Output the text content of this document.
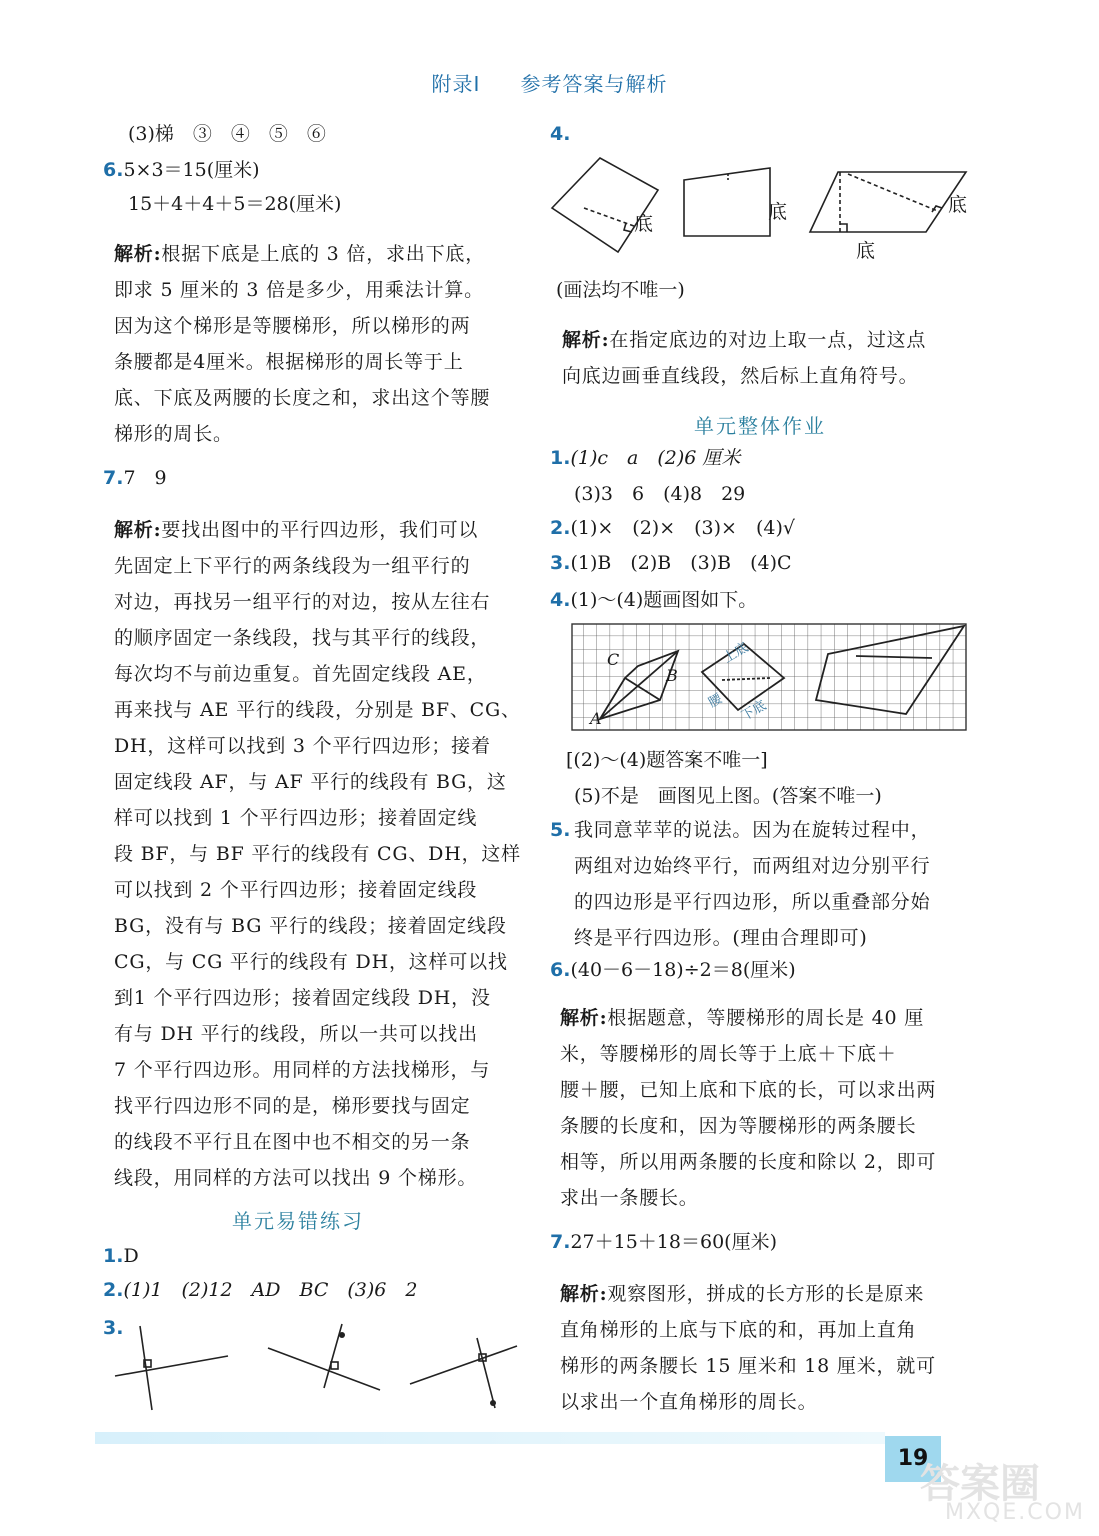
附录Ⅰ 参考答案与解析
(3)梯　③　④　⑤　⑥
6.5×3＝15(厘米)
15＋4＋4＋5＝28(厘米)

解析:根据下底是上底的 3 倍，求出下底，

即求 5 厘米的 3 倍是多少，用乘法计算。

因为这个梯形是等腰梯形，所以梯形的两

条腰都是4厘米。根据梯形的周长等于上

底、下底及两腰的长度之和，求出这个等腰

梯形的周长。

7.7　9

解析:要找出图中的平行四边形，我们可以

先固定上下平行的两条线段为一组平行的

对边，再找另一组平行的对边，按从左往右

的顺序固定一条线段，找与其平行的线段，

每次均不与前边重复。首先固定线段 AE，

再来找与 AE 平行的线段，分别是 BF、CG、

DH，这样可以找到 3 个平行四边形；接着

固定线段 AF，与 AF 平行的线段有 BG，这

样可以找到 1 个平行四边形；接着固定线

段 BF，与 BF 平行的线段有 CG、DH，这样

可以找到 2 个平行四边形；接着固定线段

BG，没有与 BG 平行的线段；接着固定线段

CG，与 CG 平行的线段有 DH，这样可以找

到1 个平行四边形；接着固定线段 DH，没

有与 DH 平行的线段，所以一共可以找出

7 个平行四边形。用同样的方法找梯形，与

找平行四边形不同的是，梯形要找与固定

的线段不平行且在图中也不相交的另一条

线段，用同样的方法可以找出 9 个梯形。

单元易错练习
1.D
2.(1)1　(2)12　AD　BC　(3)6　2
3.
4.
底
底	底
底
(画法均不唯一)

解析:在指定底边的对边上取一点，过这点

向底边画垂直线段，然后标上直角符号。

单元整体作业
1.(1)c　a　(2)6 厘米
(3)3　6　(4)8　29
2.(1)×　(2)×　(3)×　(4)√
3.(1)B　(2)B　(3)B　(4)C
4.(1)～(4)题画图如下。
C
B
A
上底
腰 下底
[(2)～(4)题答案不唯一]
(5)不是　画图见上图。(答案不唯一)
5. 我同意苹苹的说法。因为在旋转过程中，

两组对边始终平行，而两组对边分别平行

的四边形是平行四边形，所以重叠部分始

终是平行四边形。(理由合理即可)

6.(40－6－18)÷2＝8(厘米)

解析:根据题意，等腰梯形的周长是 40 厘

米，等腰梯形的周长等于上底＋下底＋

腰＋腰，已知上底和下底的长，可以求出两

条腰的长度和，因为等腰梯形的两条腰长

相等，所以用两条腰的长度和除以 2，即可

求出一条腰长。

7.27＋15＋18＝60(厘米)

解析:观察图形，拼成的长方形的长是原来

直角梯形的上底与下底的和，再加上直角

梯形的两条腰长 15 厘米和 18 厘米，就可

以求出一个直角梯形的周长。

19
答案圈
MXQE.COM
